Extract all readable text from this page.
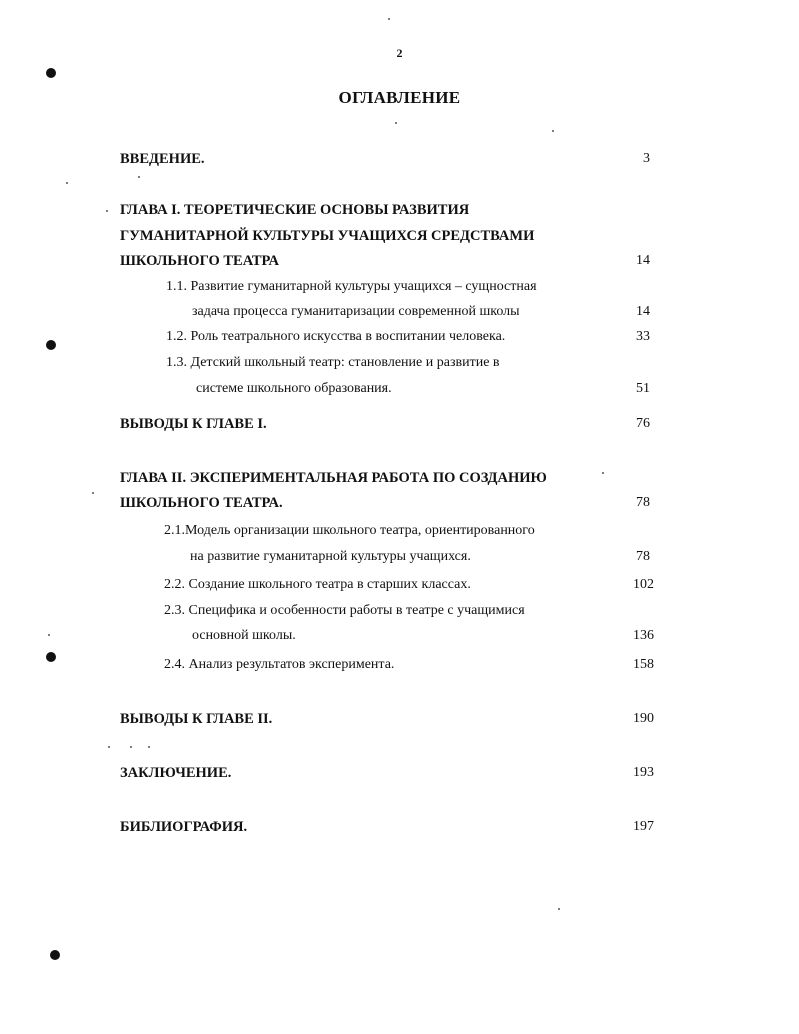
2
ОГЛАВЛЕНИЕ
ВВЕДЕНИЕ.	3
ГЛАВА I. ТЕОРЕТИЧЕСКИЕ ОСНОВЫ РАЗВИТИЯ
ГУМАНИТАРНОЙ КУЛЬТУРЫ УЧАЩИХСЯ СРЕДСТВАМИ
ШКОЛЬНОГО ТЕАТРА	14
1.1. Развитие гуманитарной культуры учащихся – сущностная
задача процесса гуманитаризации современной школы	14
1.2. Роль театрального искусства в воспитании человека.	33
1.3. Детский школьный театр: становление и развитие в
системе школьного образования.	51
ВЫВОДЫ К ГЛАВЕ I.	76
ГЛАВА II. ЭКСПЕРИМЕНТАЛЬНАЯ РАБОТА ПО СОЗДАНИЮ
ШКОЛЬНОГО ТЕАТРА.	78
2.1.Модель организации школьного театра, ориентированного
на развитие гуманитарной культуры учащихся.	78
2.2. Создание школьного театра в старших классах.	102
2.3. Специфика и особенности работы в театре с учащимися
основной школы.	136
2.4. Анализ результатов эксперимента.	158
ВЫВОДЫ К ГЛАВЕ II.	190
ЗАКЛЮЧЕНИЕ.	193
БИБЛИОГРАФИЯ.	197
